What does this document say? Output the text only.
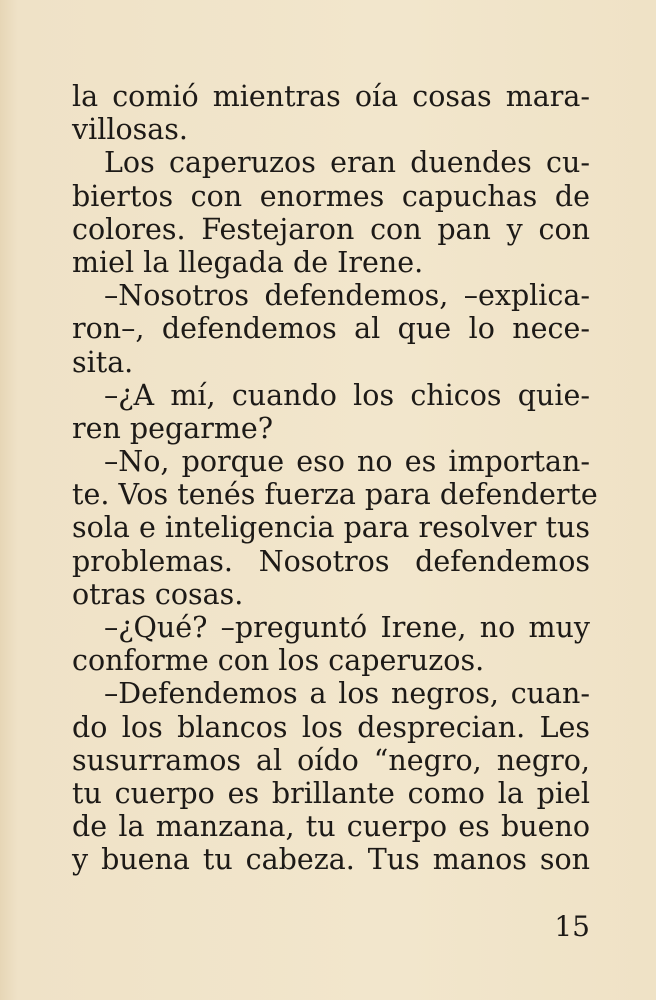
la comió mientras oía cosas mara-
villosas.
Los caperuzos eran duendes cu-
biertos con enormes capuchas de
colores. Festejaron con pan y con
miel la llegada de Irene.
–Nosotros defendemos, –explica-
ron–, defendemos al que lo nece-
sita.
–¿A mí, cuando los chicos quie-
ren pegarme?
–No, porque eso no es importan-
te. Vos tenés fuerza para defenderte
sola e inteligencia para resolver tus
problemas. Nosotros defendemos
otras cosas.
–¿Qué? –preguntó Irene, no muy
conforme con los caperuzos.
–Defendemos a los negros, cuan-
do los blancos los desprecian. Les
susurramos al oído “negro, negro,
tu cuerpo es brillante como la piel
de la manzana, tu cuerpo es bueno
y buena tu cabeza. Tus manos son
15
